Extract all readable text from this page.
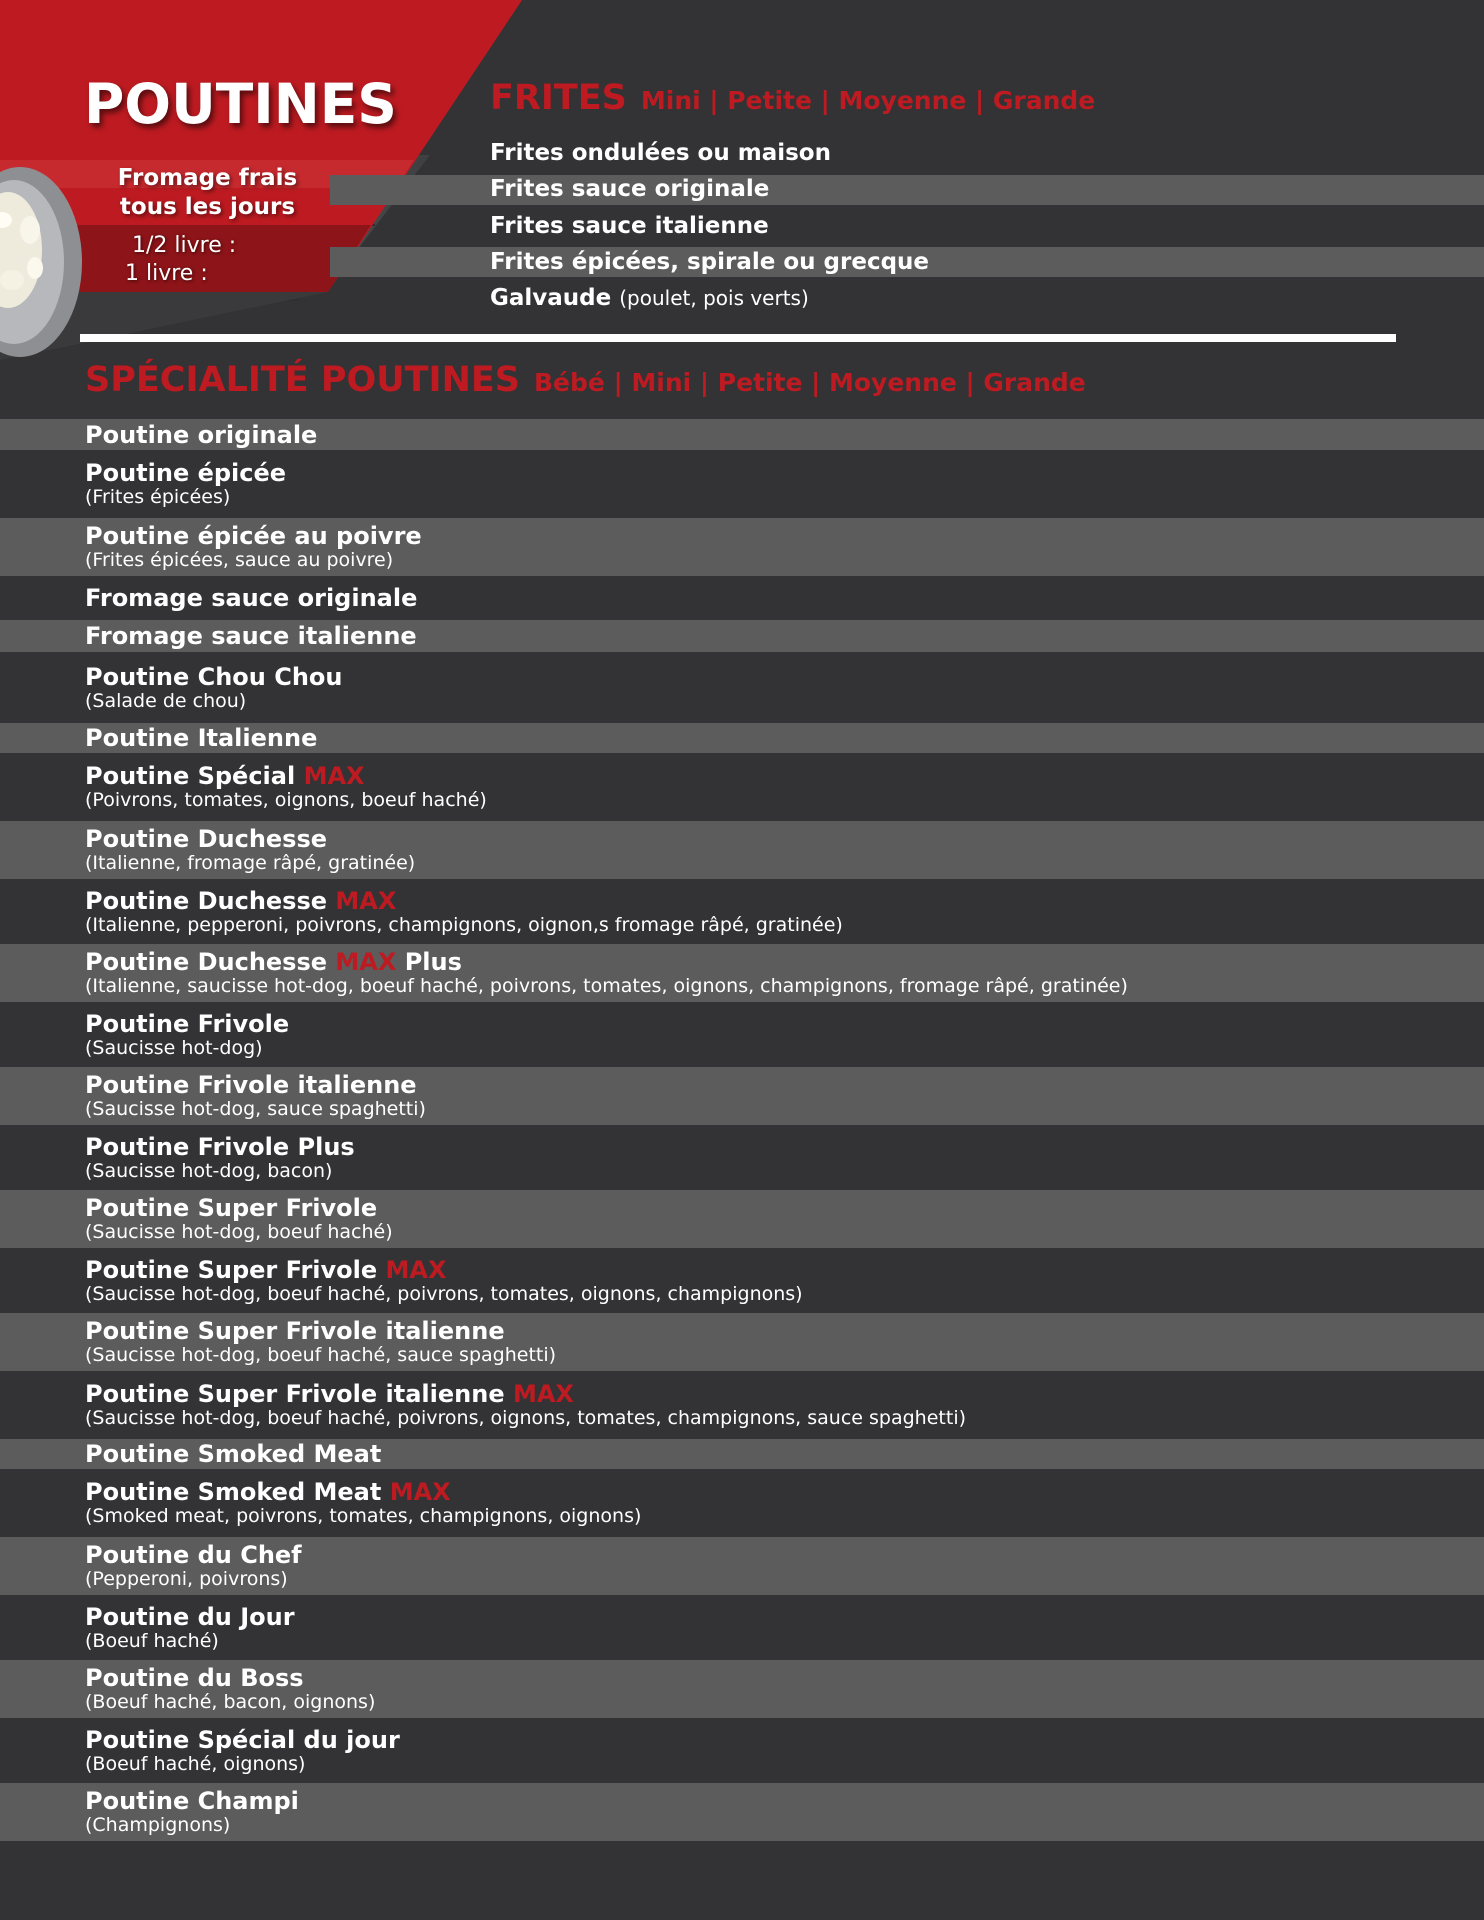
POUTINES
Fromage frais
tous les jours
1/2 livre :
1 livre :
FRITES Mini | Petite | Moyenne | Grande
Frites ondulées ou maison
Frites sauce originale
Frites sauce italienne
Frites épicées, spirale ou grecque
Galvaude (poulet, pois verts)
SPÉCIALITÉ POUTINES Bébé | Mini | Petite | Moyenne | Grande
Poutine originale
Poutine épicée
(Frites épicées)
Poutine épicée au poivre
(Frites épicées, sauce au poivre)
Fromage sauce originale
Fromage sauce italienne
Poutine Chou Chou
(Salade de chou)
Poutine Italienne
Poutine Spécial MAX
(Poivrons, tomates, oignons, boeuf haché)
Poutine Duchesse
(Italienne, fromage râpé, gratinée)
Poutine Duchesse MAX
(Italienne, pepperoni, poivrons, champignons, oignon,s fromage râpé, gratinée)
Poutine Duchesse MAX Plus
(Italienne, saucisse hot-dog, boeuf haché, poivrons, tomates, oignons, champignons, fromage râpé, gratinée)
Poutine Frivole
(Saucisse hot-dog)
Poutine Frivole italienne
(Saucisse hot-dog, sauce spaghetti)
Poutine Frivole Plus
(Saucisse hot-dog, bacon)
Poutine Super Frivole
(Saucisse hot-dog, boeuf haché)
Poutine Super Frivole MAX
(Saucisse hot-dog, boeuf haché, poivrons, tomates, oignons, champignons)
Poutine Super Frivole italienne
(Saucisse hot-dog, boeuf haché, sauce spaghetti)
Poutine Super Frivole italienne MAX
(Saucisse hot-dog, boeuf haché, poivrons, oignons, tomates, champignons, sauce spaghetti)
Poutine Smoked Meat
Poutine Smoked Meat MAX
(Smoked meat, poivrons, tomates, champignons, oignons)
Poutine du Chef
(Pepperoni, poivrons)
Poutine du Jour
(Boeuf haché)
Poutine du Boss
(Boeuf haché, bacon, oignons)
Poutine Spécial du jour
(Boeuf haché, oignons)
Poutine Champi
(Champignons)
